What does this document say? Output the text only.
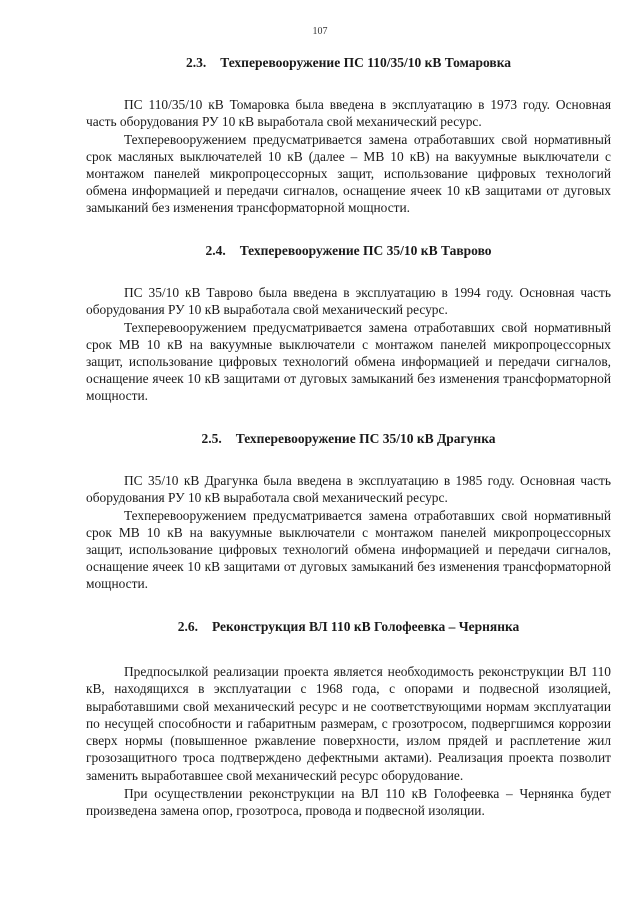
107
2.3. Техперевооружение ПС 110/35/10 кВ Томаровка

ПС 110/35/10 кВ Томаровка была введена в эксплуатацию в 1973 году. Основная часть оборудования РУ 10 кВ выработала свой механический ресурс.

Техперевооружением предусматривается замена отработавших свой нормативный срок масляных выключателей 10 кВ (далее – МВ 10 кВ) на вакуумные выключатели с монтажом панелей микропроцессорных защит, использование цифровых технологий обмена информацией и передачи сигналов, оснащение ячеек 10 кВ защитами от дуговых замыканий без изменения трансформаторной мощности.

2.4. Техперевооружение ПС 35/10 кВ Таврово

ПС 35/10 кВ Таврово была введена в эксплуатацию в 1994 году. Основная часть оборудования РУ 10 кВ выработала свой механический ресурс.

Техперевооружением предусматривается замена отработавших свой нормативный срок МВ 10 кВ на вакуумные выключатели с монтажом панелей микропроцессорных защит, использование цифровых технологий обмена информацией и передачи сигналов, оснащение ячеек 10 кВ защитами от дуговых замыканий без изменения трансформаторной мощности.

2.5. Техперевооружение ПС 35/10 кВ Драгунка

ПС 35/10 кВ Драгунка была введена в эксплуатацию в 1985 году. Основная часть оборудования РУ 10 кВ выработала свой механический ресурс.

Техперевооружением предусматривается замена отработавших свой нормативный срок МВ 10 кВ на вакуумные выключатели с монтажом панелей микропроцессорных защит, использование цифровых технологий обмена информацией и передачи сигналов, оснащение ячеек 10 кВ защитами от дуговых замыканий без изменения трансформаторной мощности.

2.6. Реконструкция ВЛ 110 кВ Голофеевка – Чернянка

Предпосылкой реализации проекта является необходимость реконструкции ВЛ 110 кВ, находящихся в эксплуатации с 1968 года, с опорами и подвесной изоляцией, выработавшими свой механический ресурс и не соответствующими нормам эксплуатации по несущей способности и габаритным размерам, с грозотросом, подвергшимся коррозии сверх нормы (повышенное ржавление поверхности, излом прядей и расплетение жил грозозащитного троса подтверждено дефектными актами). Реализация проекта позволит заменить выработавшее свой механический ресурс оборудование.

При осуществлении реконструкции на ВЛ 110 кВ Голофеевка – Чернянка будет произведена замена опор, грозотроса, провода и подвесной изоляции.
